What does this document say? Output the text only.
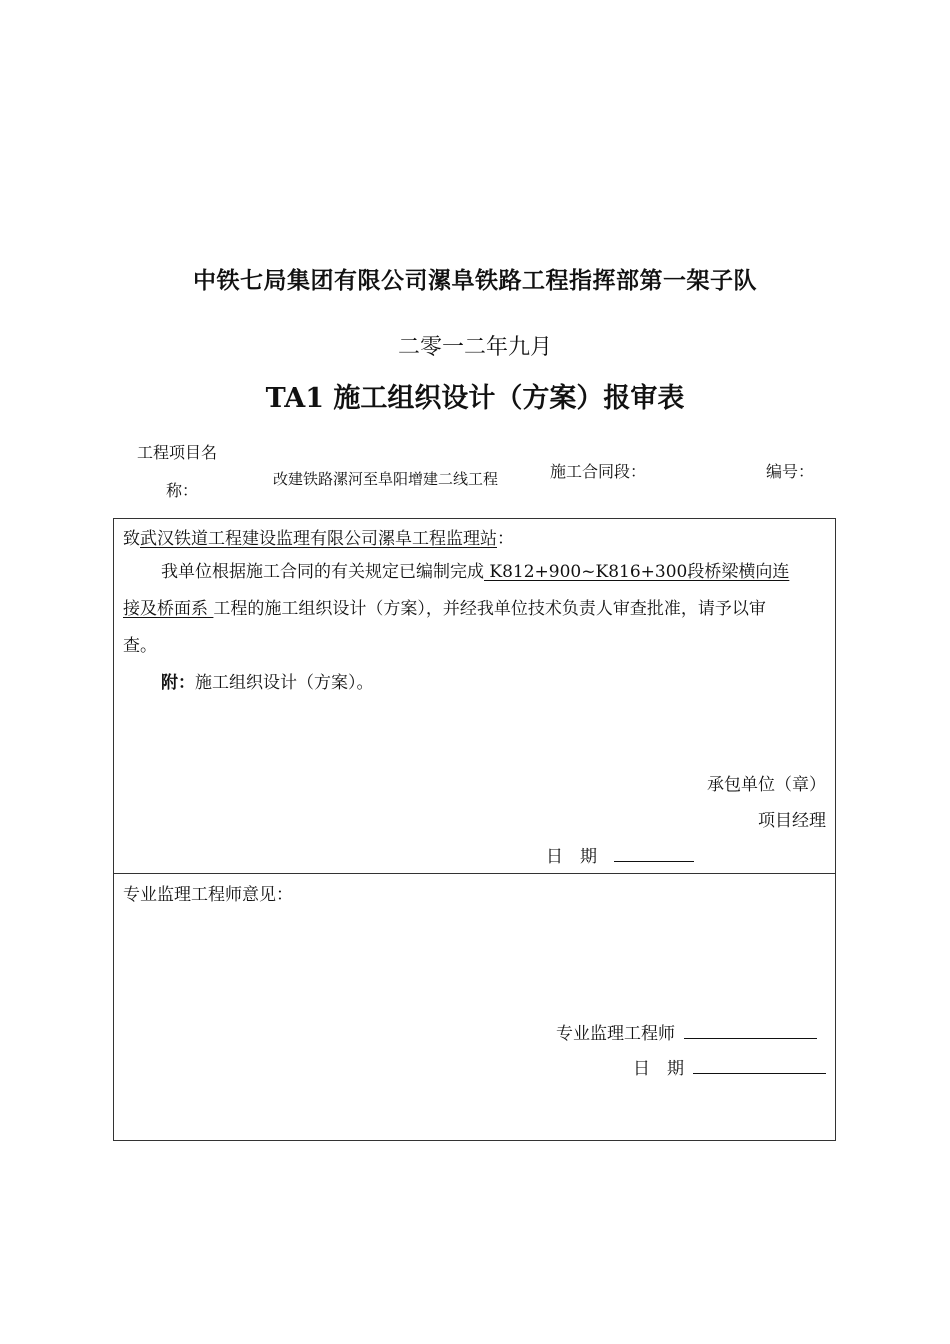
中铁七局集团有限公司漯阜铁路工程指挥部第一架子队
二零一二年九月
TA1 施工组织设计（方案）报审表
工程项目名
称：
改建铁路漯河至阜阳增建二线工程	施工合同段：	编号：
致武汉铁道工程建设监理有限公司漯阜工程监理站：
我单位根据施工合同的有关规定已编制完成 K812+900~K816+300段桥梁横向连
接及桥面系 工程的施工组织设计（方案），并经我单位技术负责人审查批准，请予以审
查。
附：施工组织设计（方案）。
承包单位（章）
项目经理
日　期
专业监理工程师意见：
专业监理工程师
日　期
